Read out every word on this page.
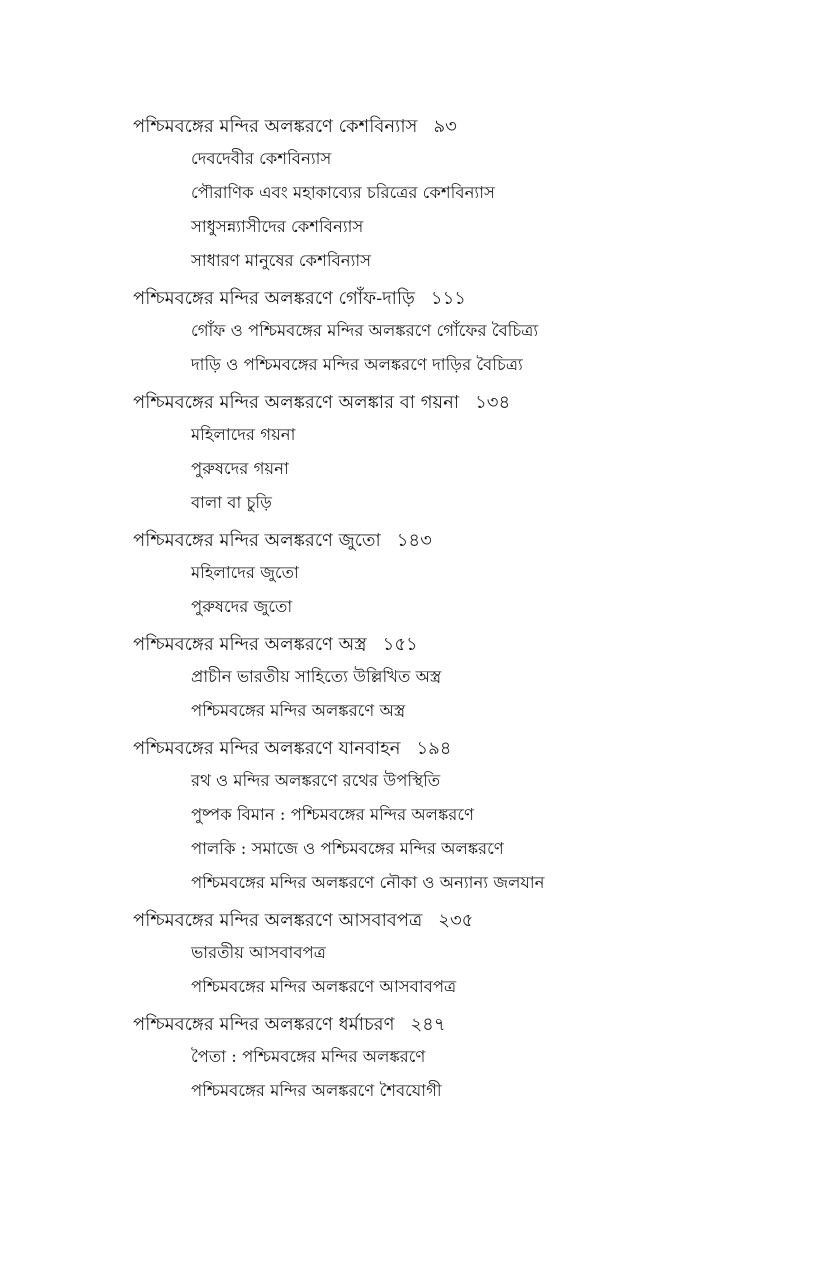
পশ্চিমবঙ্গের মন্দির অলঙ্করণে কেশবিন্যাস ৯৩
দেবদেবীর কেশবিন্যাস
পৌরাণিক এবং মহাকাব্যের চরিত্রের কেশবিন্যাস
সাধুসন্ন্যাসীদের কেশবিন্যাস
সাধারণ মানুষের কেশবিন্যাস
পশ্চিমবঙ্গের মন্দির অলঙ্করণে গোঁফ-দাড়ি ১১১
গোঁফ ও পশ্চিমবঙ্গের মন্দির অলঙ্করণে গোঁফের বৈচিত্র্য
দাড়ি ও পশ্চিমবঙ্গের মন্দির অলঙ্করণে দাড়ির বৈচিত্র্য
পশ্চিমবঙ্গের মন্দির অলঙ্করণে অলঙ্কার বা গয়না ১৩৪
মহিলাদের গয়না
পুরুষদের গয়না
বালা বা চুড়ি
পশ্চিমবঙ্গের মন্দির অলঙ্করণে জুতো ১৪৩
মহিলাদের জুতো
পুরুষদের জুতো
পশ্চিমবঙ্গের মন্দির অলঙ্করণে অস্ত্র ১৫১
প্রাচীন ভারতীয় সাহিত্যে উল্লিখিত অস্ত্র
পশ্চিমবঙ্গের মন্দির অলঙ্করণে অস্ত্র
পশ্চিমবঙ্গের মন্দির অলঙ্করণে যানবাহন ১৯৪
রথ ও মন্দির অলঙ্করণে রথের উপস্থিতি
পুষ্পক বিমান : পশ্চিমবঙ্গের মন্দির অলঙ্করণে
পালকি : সমাজে ও পশ্চিমবঙ্গের মন্দির অলঙ্করণে
পশ্চিমবঙ্গের মন্দির অলঙ্করণে নৌকা ও অন্যান্য জলযান
পশ্চিমবঙ্গের মন্দির অলঙ্করণে আসবাবপত্র ২৩৫
ভারতীয় আসবাবপত্র
পশ্চিমবঙ্গের মন্দির অলঙ্করণে আসবাবপত্র
পশ্চিমবঙ্গের মন্দির অলঙ্করণে ধর্মাচরণ ২৪৭
পৈতা : পশ্চিমবঙ্গের মন্দির অলঙ্করণে
পশ্চিমবঙ্গের মন্দির অলঙ্করণে শৈবযোগী
